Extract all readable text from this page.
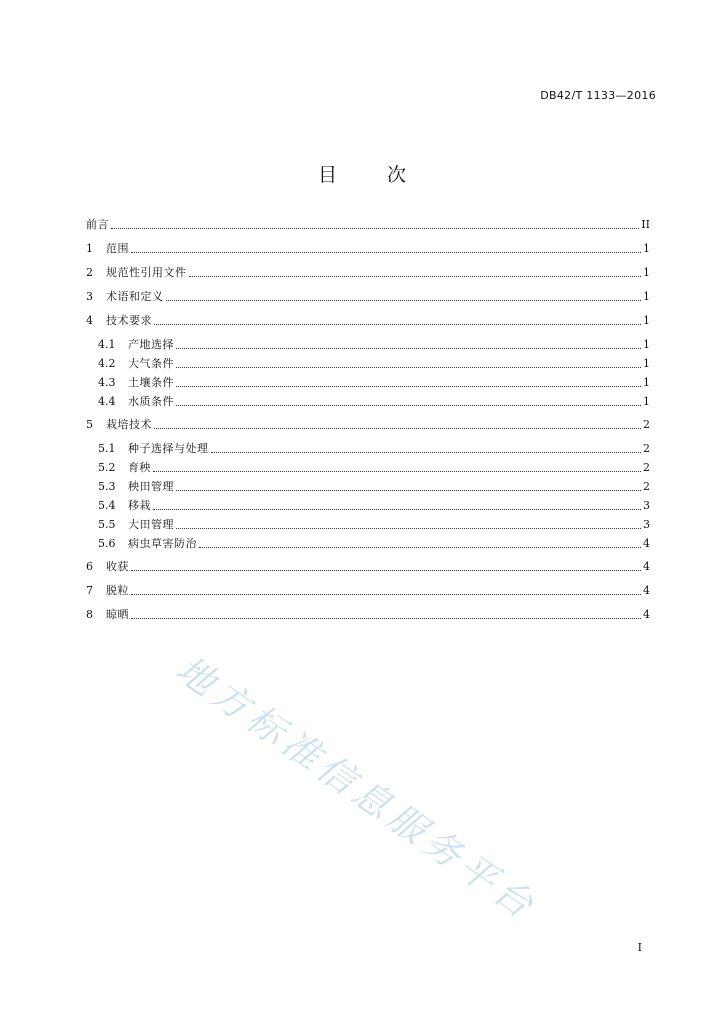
DB42/T 1133—2016
目 次
前言	II
1	范围	1
2	规范性引用文件	1
3	术语和定义	1
4	技术要求	1
4.1	产地选择	1
4.2	大气条件	1
4.3	土壤条件	1
4.4	水质条件	1
5	栽培技术	2
5.1	种子选择与处理	2
5.2	育秧	2
5.3	秧田管理	2
5.4	移栽	3
5.5	大田管理	3
5.6	病虫草害防治	4
6	收获	4
7	脱粒	4
8	晾晒	4
地方标准信息服务平台
I
